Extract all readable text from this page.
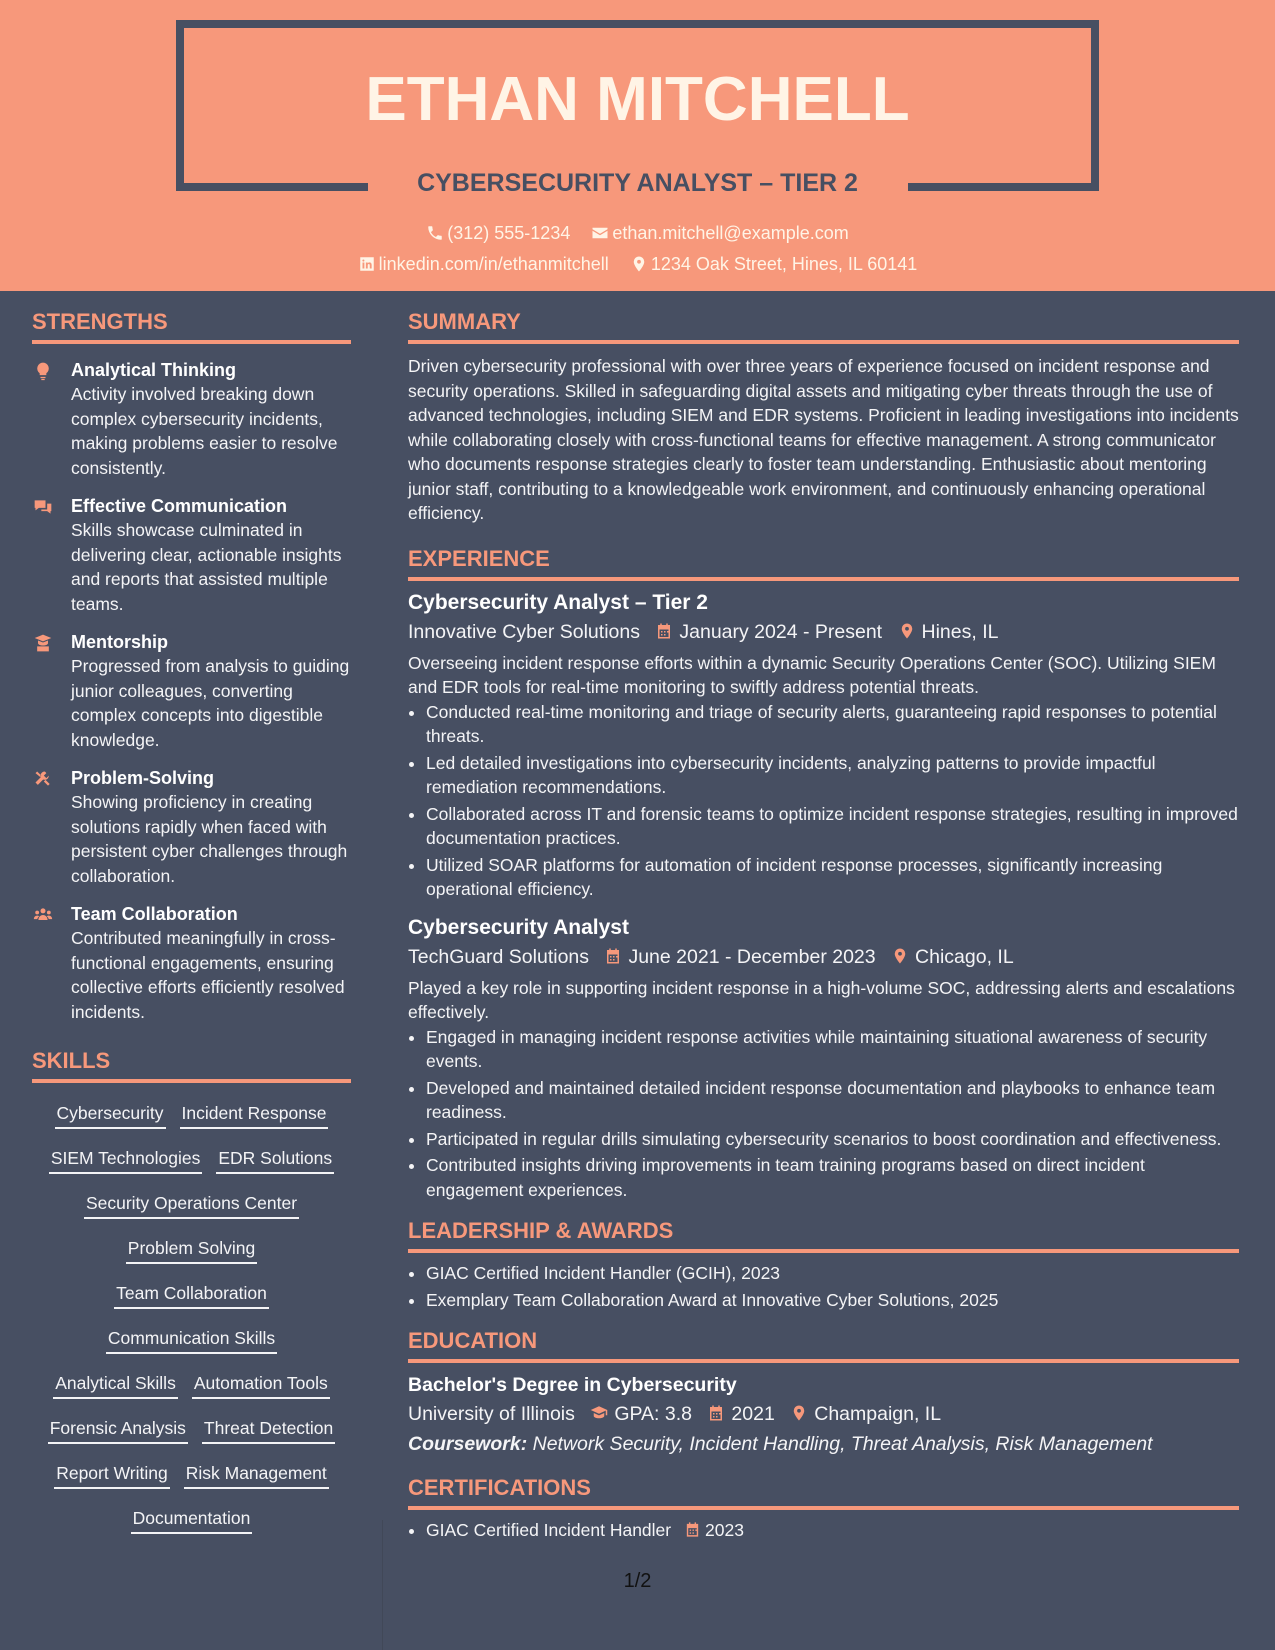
ETHAN MITCHELL
CYBERSECURITY ANALYST – TIER 2
(312) 555-1234 ethan.mitchell@example.com
linkedin.com/in/ethanmitchell 1234 Oak Street, Hines, IL 60141
STRENGTHS
Analytical Thinking
Activity involved breaking down complex cybersecurity incidents, making problems easier to resolve consistently.
Effective Communication
Skills showcase culminated in delivering clear, actionable insights and reports that assisted multiple teams.
Mentorship
Progressed from analysis to guiding junior colleagues, converting complex concepts into digestible knowledge.
Problem-Solving
Showing proficiency in creating solutions rapidly when faced with persistent cyber challenges through collaboration.
Team Collaboration
Contributed meaningfully in cross-functional engagements, ensuring collective efforts efficiently resolved incidents.
SKILLS
Cybersecurity Incident Response
SIEM Technologies EDR Solutions
Security Operations Center
Problem Solving
Team Collaboration
Communication Skills
Analytical Skills Automation Tools
Forensic Analysis Threat Detection
Report Writing Risk Management
Documentation
SUMMARY
Driven cybersecurity professional with over three years of experience focused on incident response and security operations. Skilled in safeguarding digital assets and mitigating cyber threats through the use of advanced technologies, including SIEM and EDR systems. Proficient in leading investigations into incidents while collaborating closely with cross-functional teams for effective management. A strong communicator who documents response strategies clearly to foster team understanding. Enthusiastic about mentoring junior staff, contributing to a knowledgeable work environment, and continuously enhancing operational efficiency.
EXPERIENCE
Cybersecurity Analyst – Tier 2
Innovative Cyber Solutions January 2024 - Present Hines, IL
Overseeing incident response efforts within a dynamic Security Operations Center (SOC). Utilizing SIEM and EDR tools for real-time monitoring to swiftly address potential threats.
• Conducted real-time monitoring and triage of security alerts, guaranteeing rapid responses to potential threats.
• Led detailed investigations into cybersecurity incidents, analyzing patterns to provide impactful remediation recommendations.
• Collaborated across IT and forensic teams to optimize incident response strategies, resulting in improved documentation practices.
• Utilized SOAR platforms for automation of incident response processes, significantly increasing operational efficiency.
Cybersecurity Analyst
TechGuard Solutions June 2021 - December 2023 Chicago, IL
Played a key role in supporting incident response in a high-volume SOC, addressing alerts and escalations effectively.
• Engaged in managing incident response activities while maintaining situational awareness of security events.
• Developed and maintained detailed incident response documentation and playbooks to enhance team readiness.
• Participated in regular drills simulating cybersecurity scenarios to boost coordination and effectiveness.
• Contributed insights driving improvements in team training programs based on direct incident engagement experiences.
LEADERSHIP & AWARDS
• GIAC Certified Incident Handler (GCIH), 2023
• Exemplary Team Collaboration Award at Innovative Cyber Solutions, 2025
EDUCATION
Bachelor's Degree in Cybersecurity
University of Illinois GPA: 3.8 2021 Champaign, IL
Coursework: Network Security, Incident Handling, Threat Analysis, Risk Management
CERTIFICATIONS
• GIAC Certified Incident Handler 2023
1/2
